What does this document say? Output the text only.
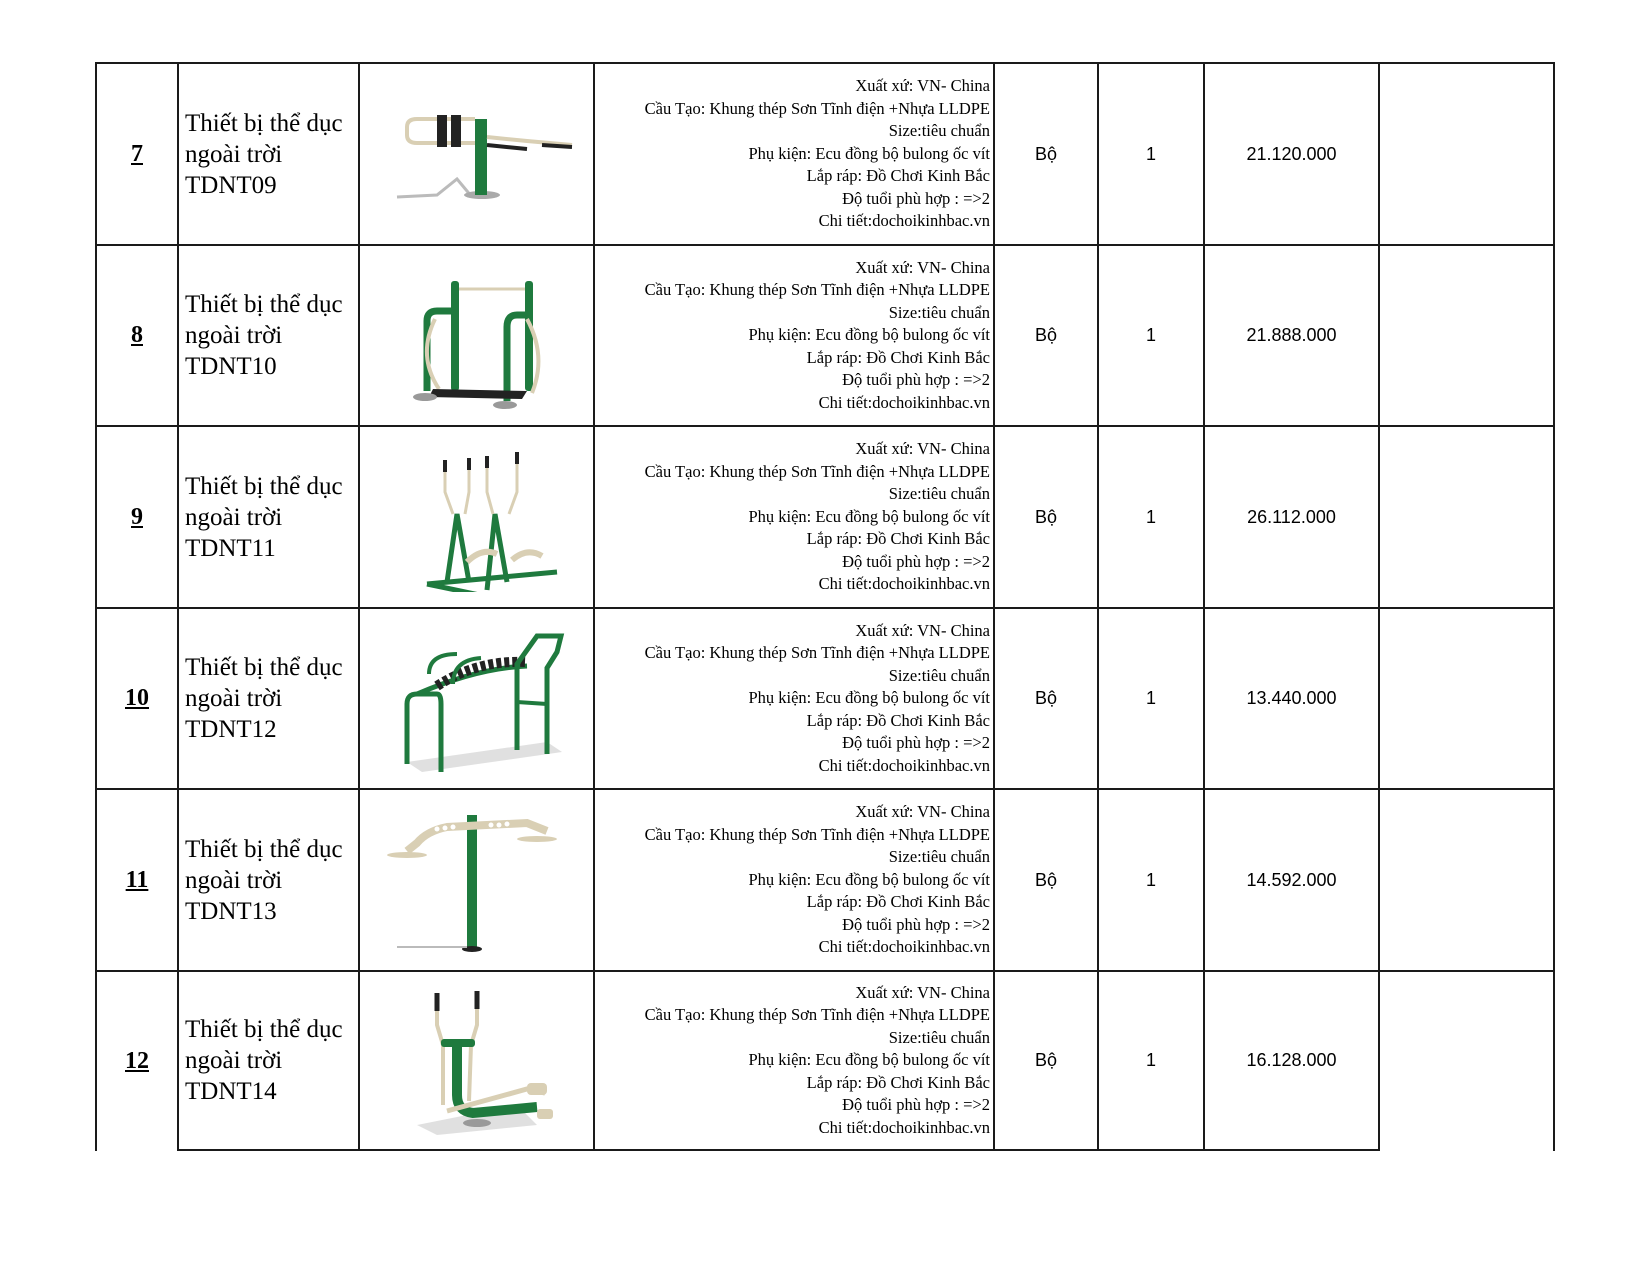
7
Thiết bị thể dục
ngoài trời
TDNT09
Xuất xứ: VN- China
Cầu Tạo: Khung thép Sơn Tĩnh điện +Nhựa LLDPE
Size:tiêu chuẩn
Phụ kiện: Ecu đồng bộ bulong ốc vít
Lắp ráp: Đồ Chơi Kinh Bắc
Độ tuổi phù hợp : =>2
Chi tiết:dochoikinhbac.vn
Bộ	1	21.120.000
8
Thiết bị thể dục
ngoài trời
TDNT10
Xuất xứ: VN- China
Cầu Tạo: Khung thép Sơn Tĩnh điện +Nhựa LLDPE
Size:tiêu chuẩn
Phụ kiện: Ecu đồng bộ bulong ốc vít
Lắp ráp: Đồ Chơi Kinh Bắc
Độ tuổi phù hợp : =>2
Chi tiết:dochoikinhbac.vn
Bộ	1	21.888.000
9
Thiết bị thể dục
ngoài trời
TDNT11
Xuất xứ: VN- China
Cầu Tạo: Khung thép Sơn Tĩnh điện +Nhựa LLDPE
Size:tiêu chuẩn
Phụ kiện: Ecu đồng bộ bulong ốc vít
Lắp ráp: Đồ Chơi Kinh Bắc
Độ tuổi phù hợp : =>2
Chi tiết:dochoikinhbac.vn
Bộ	1	26.112.000
10
Thiết bị thể dục
ngoài trời
TDNT12
Xuất xứ: VN- China
Cầu Tạo: Khung thép Sơn Tĩnh điện +Nhựa LLDPE
Size:tiêu chuẩn
Phụ kiện: Ecu đồng bộ bulong ốc vít
Lắp ráp: Đồ Chơi Kinh Bắc
Độ tuổi phù hợp : =>2
Chi tiết:dochoikinhbac.vn
Bộ	1	13.440.000
11
Thiết bị thể dục
ngoài trời
TDNT13
Xuất xứ: VN- China
Cầu Tạo: Khung thép Sơn Tĩnh điện +Nhựa LLDPE
Size:tiêu chuẩn
Phụ kiện: Ecu đồng bộ bulong ốc vít
Lắp ráp: Đồ Chơi Kinh Bắc
Độ tuổi phù hợp : =>2
Chi tiết:dochoikinhbac.vn
Bộ	1	14.592.000
12
Thiết bị thể dục
ngoài trời
TDNT14
Xuất xứ: VN- China
Cầu Tạo: Khung thép Sơn Tĩnh điện +Nhựa LLDPE
Size:tiêu chuẩn
Phụ kiện: Ecu đồng bộ bulong ốc vít
Lắp ráp: Đồ Chơi Kinh Bắc
Độ tuổi phù hợp : =>2
Chi tiết:dochoikinhbac.vn
Bộ	1	16.128.000
